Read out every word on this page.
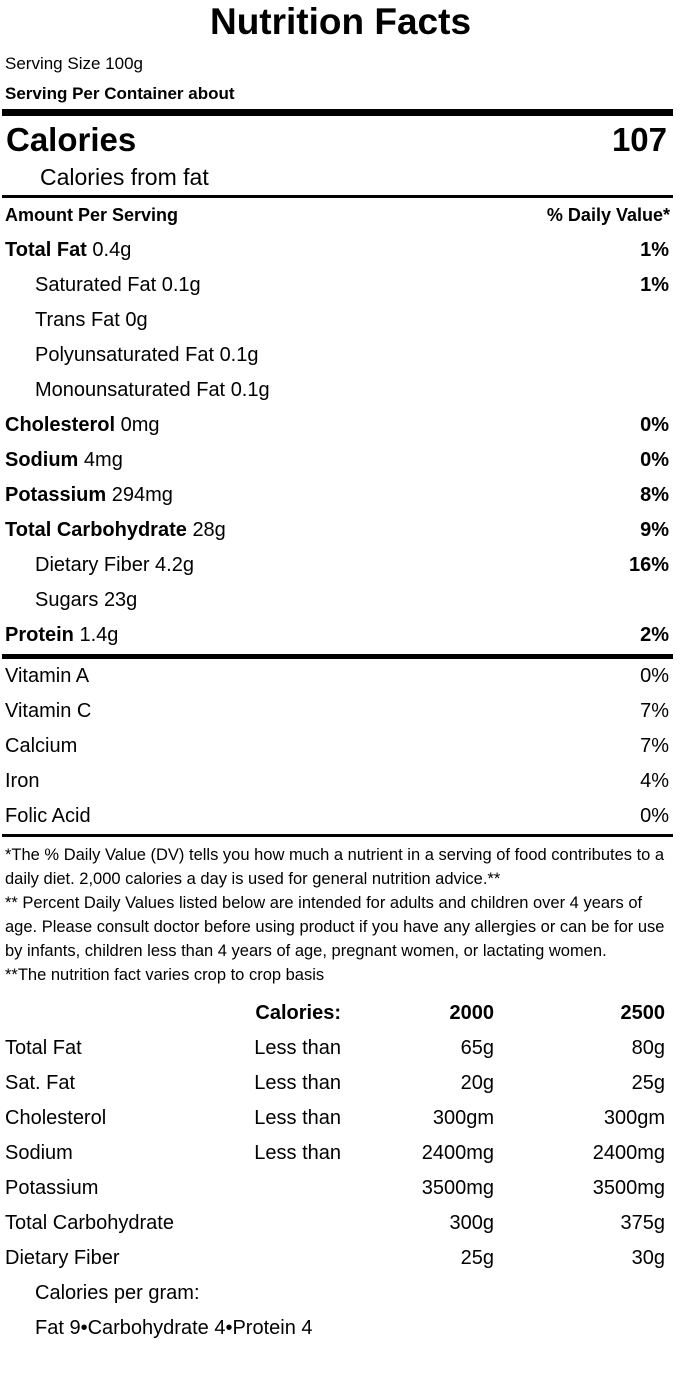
Nutrition Facts
Serving Size 100g
Serving Per Container about
Calories	107
Calories from fat
Amount Per Serving	% Daily Value*
Total Fat 0.4g	1%
Saturated Fat 0.1g	1%
Trans Fat 0g
Polyunsaturated Fat 0.1g
Monounsaturated Fat 0.1g
Cholesterol 0mg	0%
Sodium 4mg	0%
Potassium 294mg	8%
Total Carbohydrate 28g	9%
Dietary Fiber 4.2g	16%
Sugars 23g
Protein 1.4g	2%
Vitamin A	0%
Vitamin C	7%
Calcium	7%
Iron	4%
Folic Acid	0%
*The % Daily Value (DV) tells you how much a nutrient in a serving of food contributes to a daily diet. 2,000 calories a day is used for general nutrition advice.**
** Percent Daily Values listed below are intended for adults and children over 4 years of age. Please consult doctor before using product if you have any allergies or can be for use by infants, children less than 4 years of age, pregnant women, or lactating women.
**The nutrition fact varies crop to crop basis
	Calories:	2000	2500
Total Fat	Less than	65g	80g
Sat. Fat	Less than	20g	25g
Cholesterol	Less than	300gm	300gm
Sodium	Less than	2400mg	2400mg
Potassium		3500mg	3500mg
Total Carbohydrate		300g	375g
Dietary Fiber		25g	30g
Calories per gram:
Fat 9•Carbohydrate 4•Protein 4
